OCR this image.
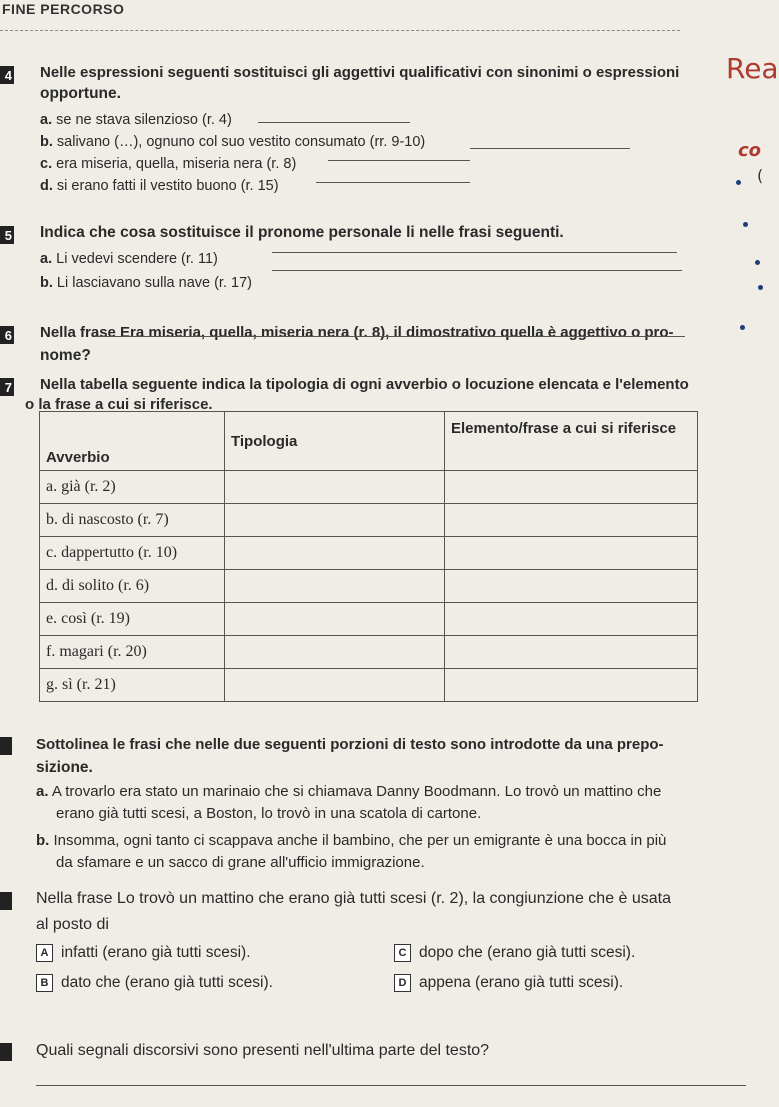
FINE PERCORSO
Rea
co
(
4 Nelle espressioni seguenti sostituisci gli aggettivi qualificativi con sinonimi o espressioni
opportune.
a. se ne stava silenzioso (r. 4)
b. salivano (…), ognuno col suo vestito consumato (rr. 9-10)
c. era miseria, quella, miseria nera (r. 8)
d. si erano fatti il vestito buono (r. 15)
5 Indica che cosa sostituisce il pronome personale li nelle frasi seguenti.
a. Li vedevi scendere (r. 11)
b. Li lasciavano sulla nave (r. 17)
6 Nella frase Era miseria, quella, miseria nera (r. 8), il dimostrativo quella è aggettivo o pro-
nome?
7 Nella tabella seguente indica la tipologia di ogni avverbio o locuzione elencata e l'elemento
o la frase a cui si riferisce.
Avverbio	Tipologia	Elemento/frase a cui si riferisce
a. già (r. 2)		
b. di nascosto (r. 7)		
c. dappertutto (r. 10)		
d. di solito (r. 6)		
e. così (r. 19)		
f. magari (r. 20)		
g. sì (r. 21)		
Sottolinea le frasi che nelle due seguenti porzioni di testo sono introdotte da una prepo-
sizione.
a. A trovarlo era stato un marinaio che si chiamava Danny Boodmann. Lo trovò un mattino che
erano già tutti scesi, a Boston, lo trovò in una scatola di cartone.
b. Insomma, ogni tanto ci scappava anche il bambino, che per un emigrante è una bocca in più
da sfamare e un sacco di grane all'ufficio immigrazione.
Nella frase Lo trovò un mattino che erano già tutti scesi (r. 2), la congiunzione che è usata
al posto di
A infatti (erano già tutti scesi).
B dato che (erano già tutti scesi).
C dopo che (erano già tutti scesi).
D appena (erano già tutti scesi).
Quali segnali discorsivi sono presenti nell'ultima parte del testo?
